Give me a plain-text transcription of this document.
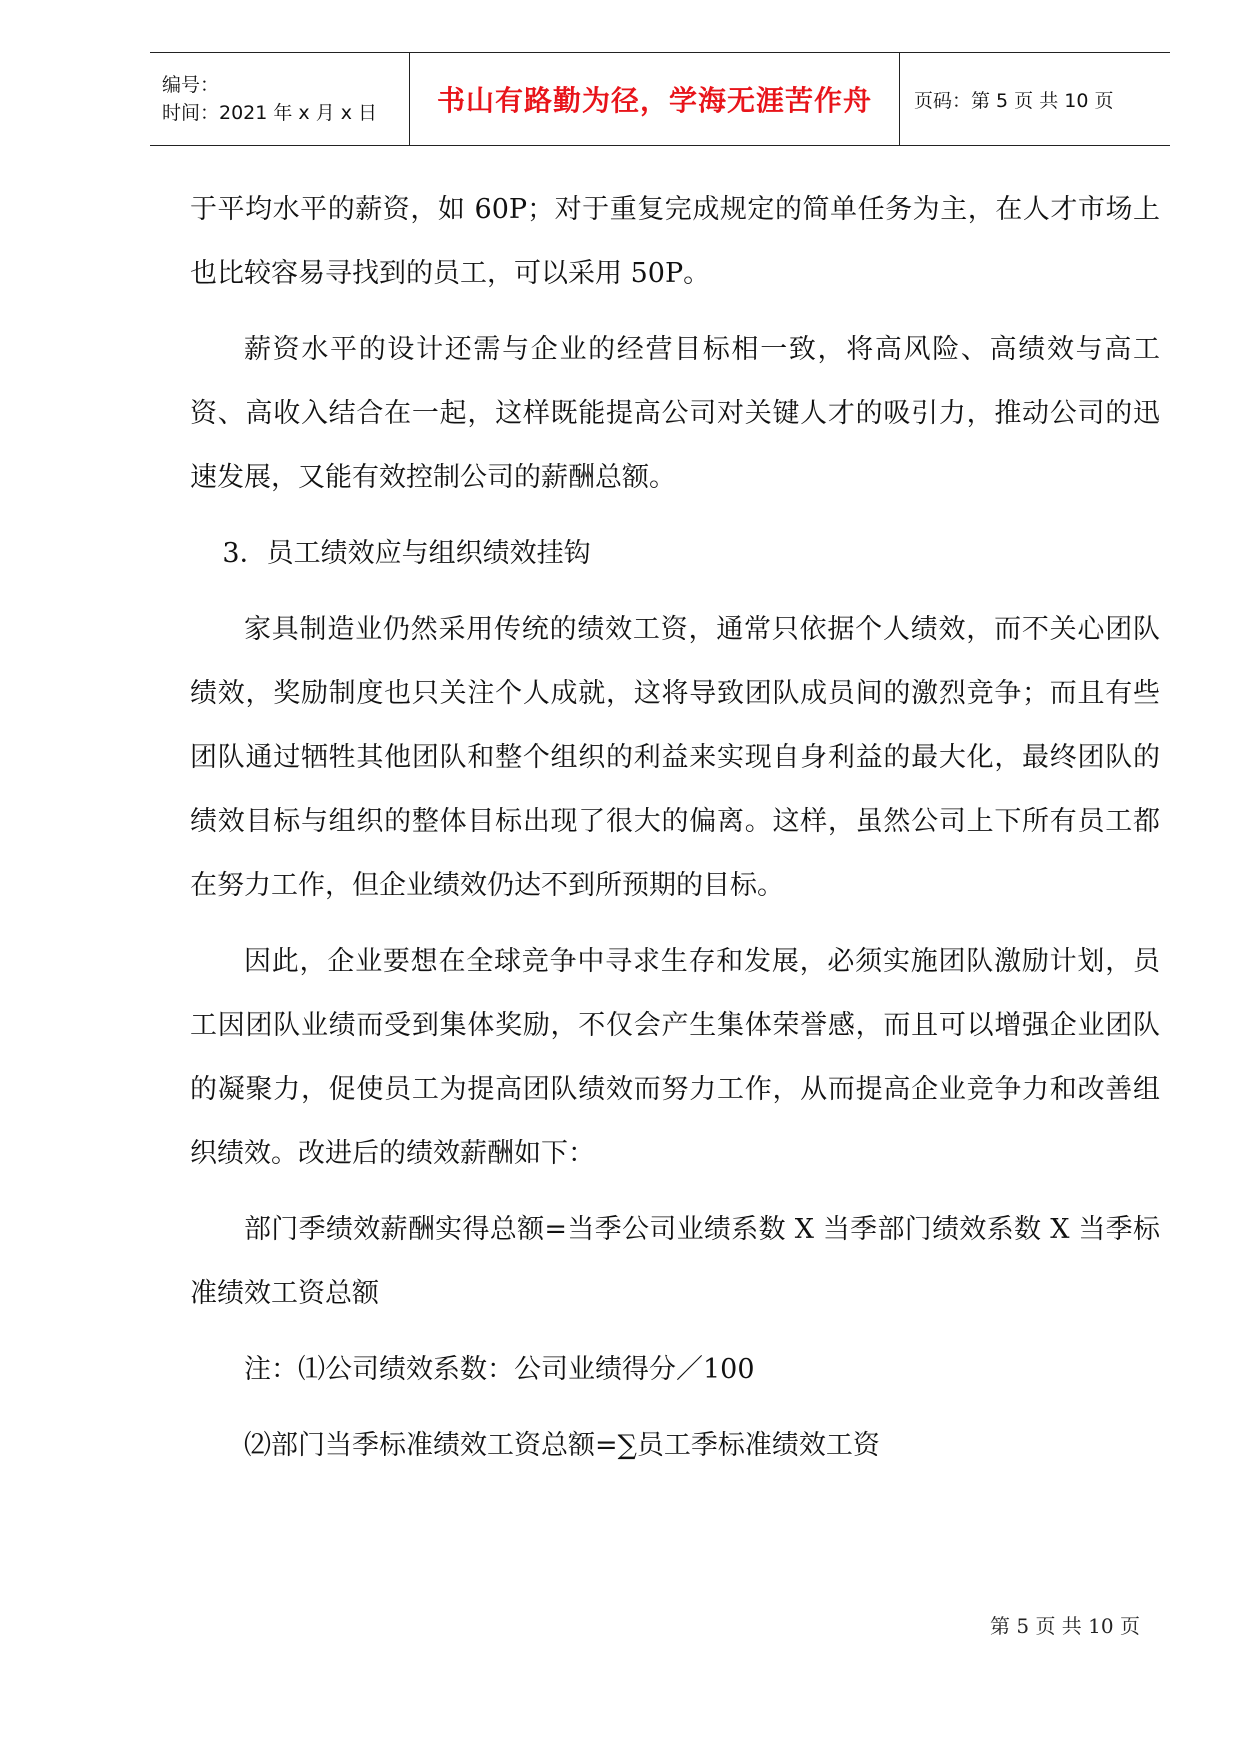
编号：
时间：2021 年 x 月 x 日	书山有路勤为径，学海无涯苦作舟 页码：第 5 页 共 10 页

于平均水平的薪资，如 60P；对于重复完成规定的简单任务为主，在人才市场上也比较容易寻找到的员工，可以采用 50P。

薪资水平的设计还需与企业的经营目标相一致，将高风险、高绩效与高工资、高收入结合在一起，这样既能提高公司对关键人才的吸引力，推动公司的迅速发展，又能有效控制公司的薪酬总额。

3．员工绩效应与组织绩效挂钩

家具制造业仍然采用传统的绩效工资，通常只依据个人绩效，而不关心团队绩效，奖励制度也只关注个人成就，这将导致团队成员间的激烈竞争；而且有些团队通过牺牲其他团队和整个组织的利益来实现自身利益的最大化，最终团队的绩效目标与组织的整体目标出现了很大的偏离。这样，虽然公司上下所有员工都在努力工作，但企业绩效仍达不到所预期的目标。

因此，企业要想在全球竞争中寻求生存和发展，必须实施团队激励计划，员工因团队业绩而受到集体奖励，不仅会产生集体荣誉感，而且可以增强企业团队的凝聚力，促使员工为提高团队绩效而努力工作，从而提高企业竞争力和改善组织绩效。改进后的绩效薪酬如下：

部门季绩效薪酬实得总额=当季公司业绩系数 X 当季部门绩效系数 X 当季标准绩效工资总额

注：⑴公司绩效系数：公司业绩得分／100

⑵部门当季标准绩效工资总额=∑员工季标准绩效工资

第 5 页 共 10 页
